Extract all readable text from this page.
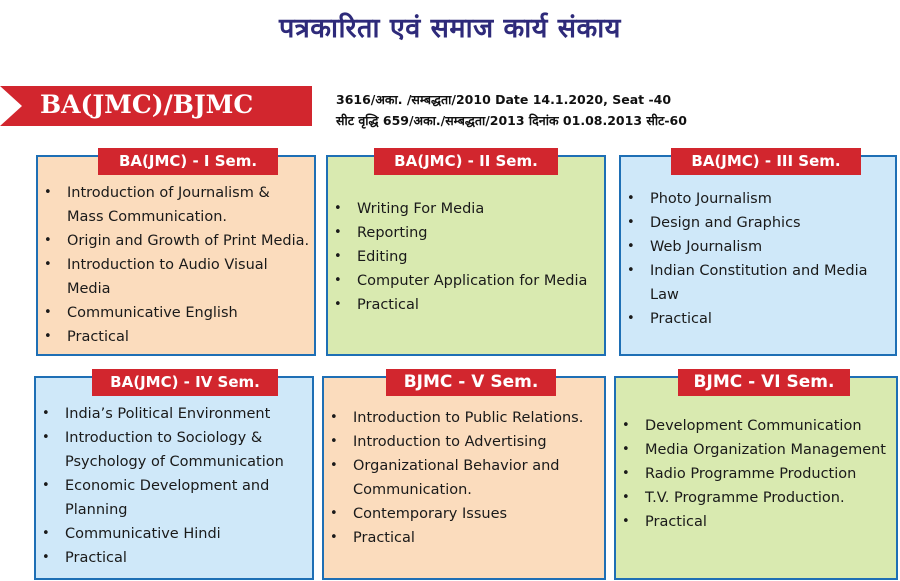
पत्रकारिता एवं समाज कार्य संकाय
BA(JMC)/BJMC	3616/अका. /सम्बद्धता/2010 Date 14.1.2020, Seat -40
सीट वृद्धि 659/अका./सम्बद्धता/2013 दिनांक 01.08.2013 सीट-60
BA(JMC) - I Sem.
• Introduction of Journalism & Mass Communication.
• Origin and Growth of Print Media.
• Introduction to Audio Visual Media
• Communicative English
• Practical
BA(JMC) - II Sem.
• Writing For Media
• Reporting
• Editing
• Computer Application for Media
• Practical
BA(JMC) - III Sem.
• Photo Journalism
• Design and Graphics
• Web Journalism
• Indian Constitution and Media Law
• Practical
BA(JMC) - IV Sem.
• India’s Political Environment
• Introduction to Sociology & Psychology of Communication
• Economic Development and Planning
• Communicative Hindi
• Practical
BJMC - V Sem.
• Introduction to Public Relations.
• Introduction to Advertising
• Organizational Behavior and Communication.
• Contemporary Issues
• Practical
BJMC - VI Sem.
• Development Communication
• Media Organization Management
• Radio Programme Production
• T.V. Programme Production.
• Practical
